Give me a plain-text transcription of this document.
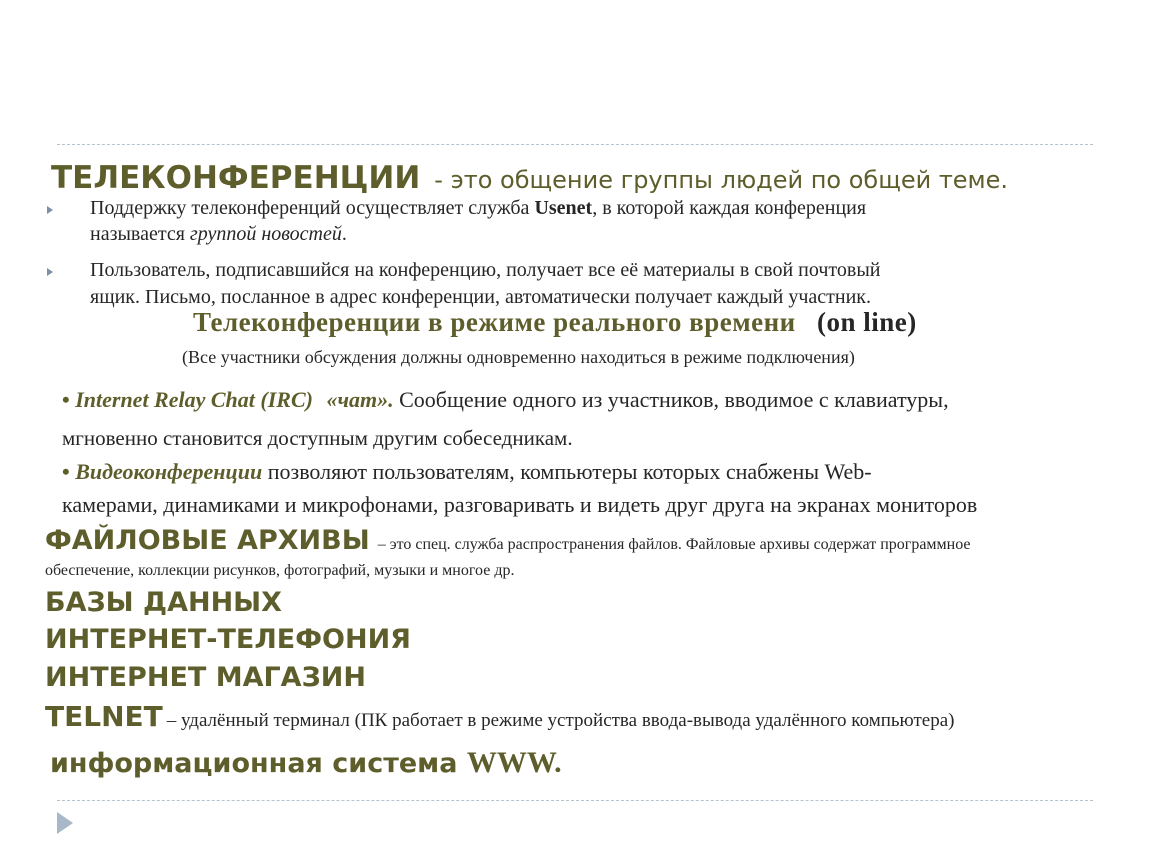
ТЕЛЕКОНФЕРЕНЦИИ - это общение группы людей по общей теме.
Поддержку телеконференций осуществляет служба Usenet, в которой каждая конференция
называется группой новостей.
Пользователь, подписавшийся на конференцию, получает все её материалы в свой почтовый
ящик. Письмо, посланное в адрес конференции, автоматически получает каждый участник.
Телеконференции в режиме реального времени (on line)
(Все участники обсуждения должны одновременно находиться в режиме подключения)
• Internet Relay Chat (IRC) «чат». Сообщение одного из участников, вводимое с клавиатуры,
мгновенно становится доступным другим собеседникам.
• Видеоконференции позволяют пользователям, компьютеры которых снабжены Web-
камерами, динамиками и микрофонами, разговаривать и видеть друг друга на экранах мониторов
ФАЙЛОВЫЕ АРХИВЫ – это спец. служба распространения файлов. Файловые архивы содержат программное
обеспечение, коллекции рисунков, фотографий, музыки и многое др.
БАЗЫ ДАННЫХ
ИНТЕРНЕТ-ТЕЛЕФОНИЯ
ИНТЕРНЕТ МАГАЗИН
TELNET – удалённый терминал (ПК работает в режиме устройства ввода-вывода удалённого компьютера)
информационная система WWW.
